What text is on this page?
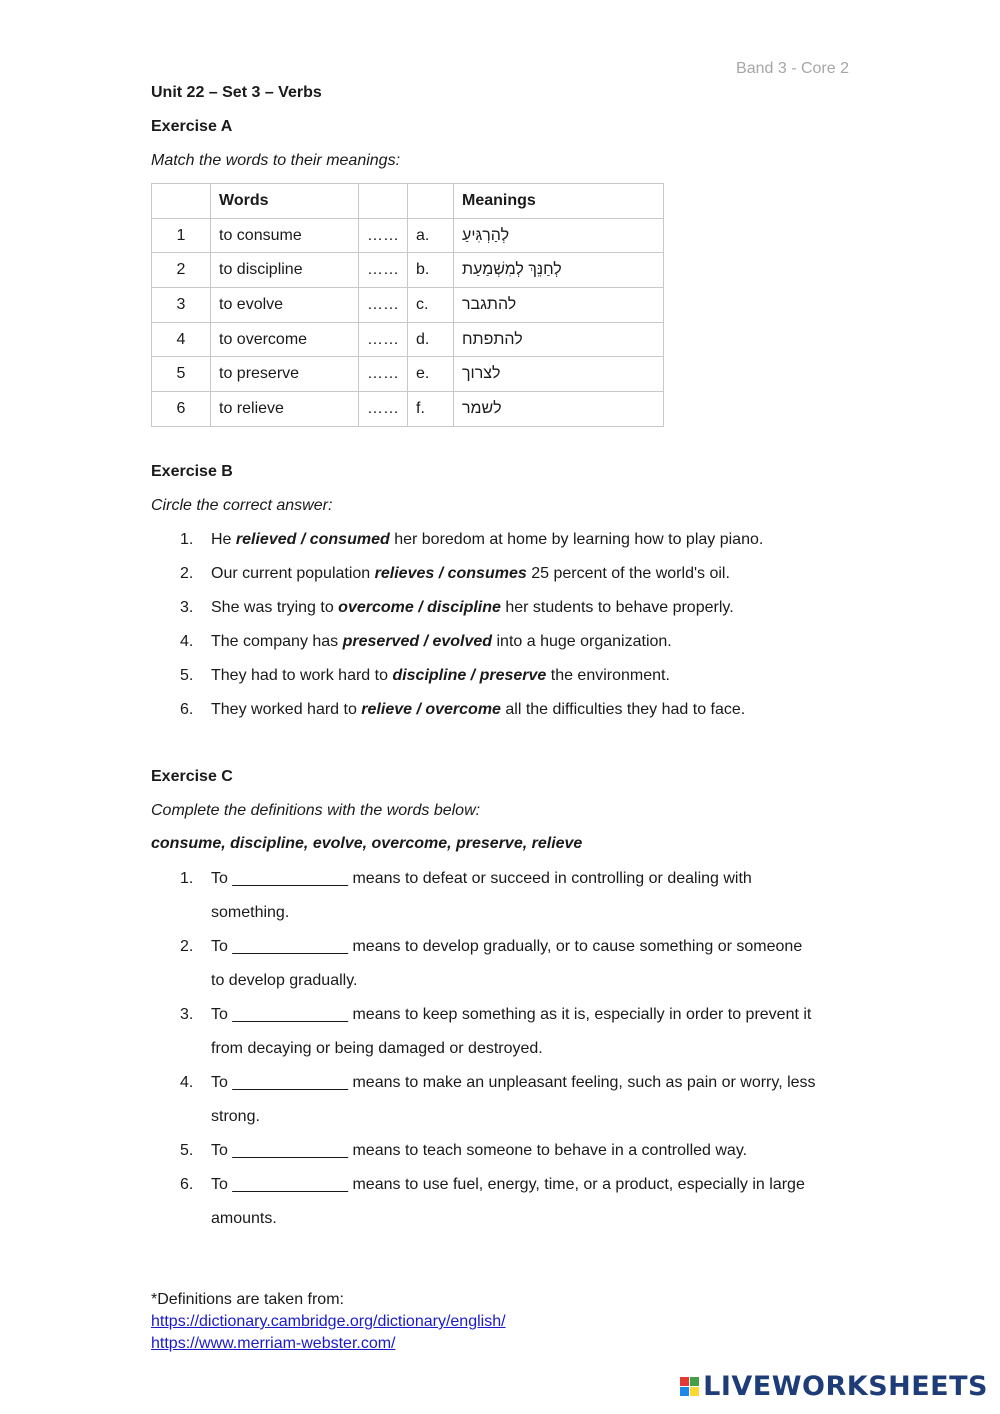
Band 3 - Core 2
Unit 22 – Set 3 – Verbs
Exercise A
Match the words to their meanings:
	Words			Meanings
1	to consume	……	a.	לְהַרְגִּיעַ
2	to discipline	……	b.	לְחַנֵּךְ לְמִשְׁמַעַת
3	to evolve	……	c.	להתגבר
4	to overcome	……	d.	להתפתח
5	to preserve	……	e.	לצרוך
6	to relieve	……	f.	לשמר
Exercise B
Circle the correct answer:
1. He relieved / consumed her boredom at home by learning how to play piano.
2. Our current population relieves / consumes 25 percent of the world's oil.
3. She was trying to overcome / discipline her students to behave properly.
4. The company has preserved / evolved into a huge organization.
5. They had to work hard to discipline / preserve the environment.
6. They worked hard to relieve / overcome all the difficulties they had to face.
Exercise C
Complete the definitions with the words below:
consume, discipline, evolve, overcome, preserve, relieve
1. To _____________ means to defeat or succeed in controlling or dealing with
something.
2. To _____________ means to develop gradually, or to cause something or someone
to develop gradually.
3. To _____________ means to keep something as it is, especially in order to prevent it
from decaying or being damaged or destroyed.
4. To _____________ means to make an unpleasant feeling, such as pain or worry, less
strong.
5. To _____________ means to teach someone to behave in a controlled way.
6. To _____________ means to use fuel, energy, time, or a product, especially in large
amounts.
*Definitions are taken from:
https://dictionary.cambridge.org/dictionary/english/
https://www.merriam-webster.com/
LIVEWORKSHEETS
